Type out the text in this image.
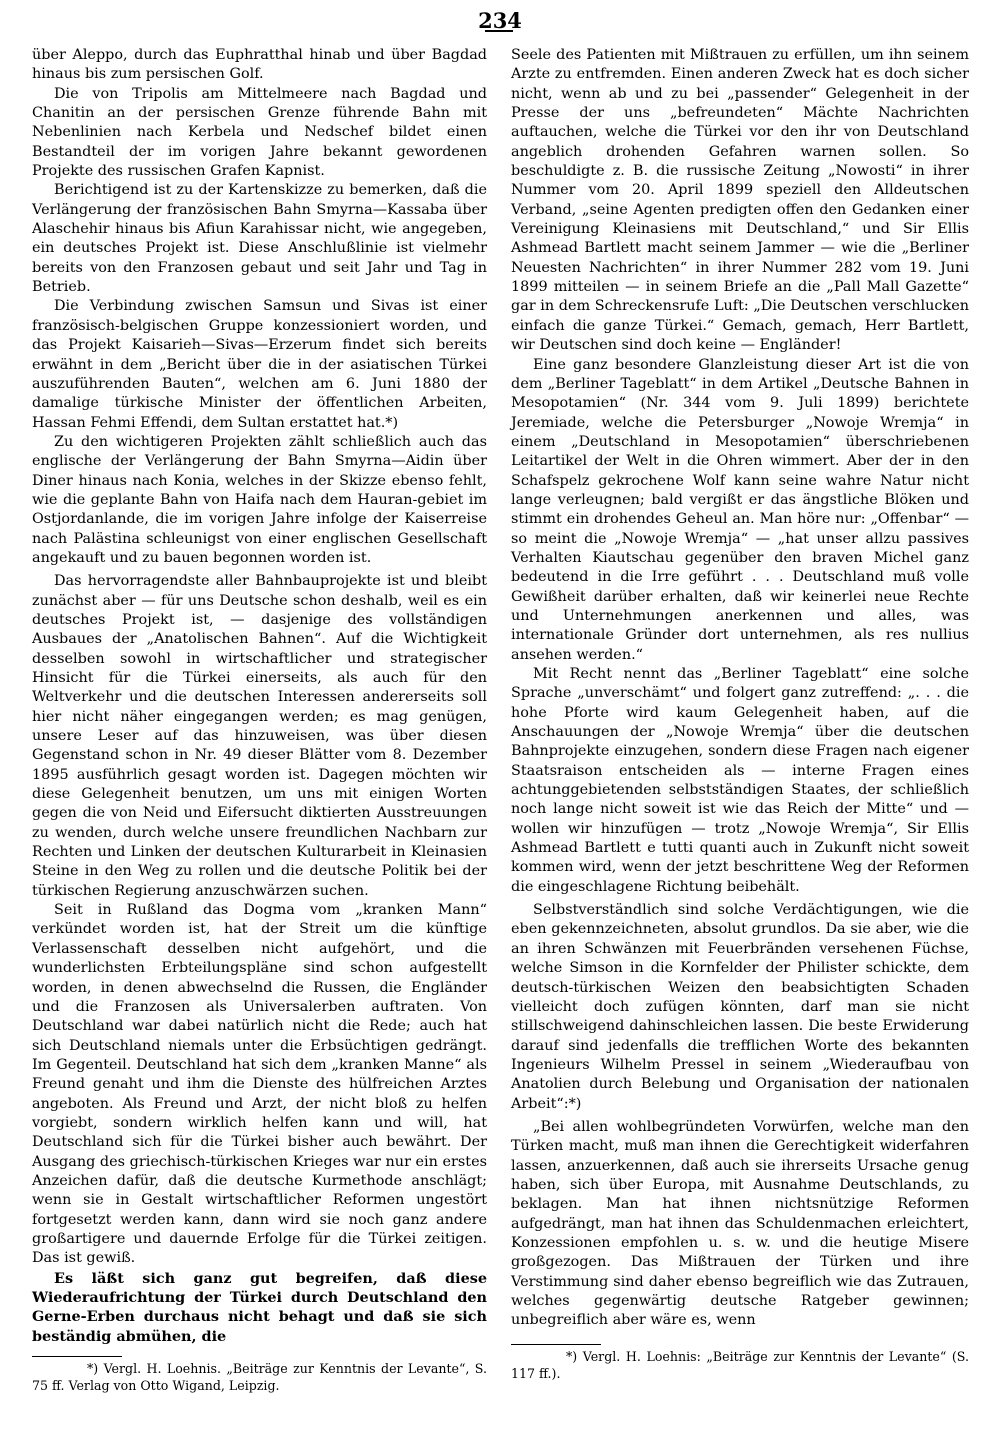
234

über Aleppo, durch das Euphratthal hinab und über Bagdad hinaus bis zum persischen Golf.

Die von Tripolis am Mittelmeere nach Bagdad und Chanitin an der persischen Grenze führende Bahn mit Nebenlinien nach Kerbela und Nedschef bildet einen Bestandteil der im vorigen Jahre bekannt gewordenen Projekte des russischen Grafen Kapnist.

Berichtigend ist zu der Kartenskizze zu bemerken, daß die Verlängerung der französischen Bahn Smyrna—Kassaba über Alaschehir hinaus bis Afiun Karahissar nicht, wie angegeben, ein deutsches Projekt ist. Diese Anschlußlinie ist vielmehr bereits von den Franzosen gebaut und seit Jahr und Tag in Betrieb.

Die Verbindung zwischen Samsun und Sivas ist einer französisch-belgischen Gruppe konzessioniert worden, und das Projekt Kaisarieh—Sivas—Erzerum findet sich bereits erwähnt in dem „Bericht über die in der asiatischen Türkei auszuführenden Bauten“, welchen am 6. Juni 1880 der damalige türkische Minister der öffentlichen Arbeiten, Hassan Fehmi Effendi, dem Sultan erstattet hat.*)

Zu den wichtigeren Projekten zählt schließlich auch das englische der Verlängerung der Bahn Smyrna—Aidin über Diner hinaus nach Konia, welches in der Skizze ebenso fehlt, wie die geplante Bahn von Haifa nach dem Hauran-gebiet im Ostjordanlande, die im vorigen Jahre infolge der Kaiserreise nach Palästina schleunigst von einer englischen Gesellschaft angekauft und zu bauen begonnen worden ist.

Das hervorragendste aller Bahnbauprojekte ist und bleibt zunächst aber — für uns Deutsche schon deshalb, weil es ein deutsches Projekt ist, — dasjenige des vollständigen Ausbaues der „Anatolischen Bahnen“. Auf die Wichtigkeit desselben sowohl in wirtschaftlicher und strategischer Hinsicht für die Türkei einerseits, als auch für den Weltverkehr und die deutschen Interessen andererseits soll hier nicht näher eingegangen werden; es mag genügen, unsere Leser auf das hinzuweisen, was über diesen Gegenstand schon in Nr. 49 dieser Blätter vom 8. Dezember 1895 ausführlich gesagt worden ist. Dagegen möchten wir diese Gelegenheit benutzen, um uns mit einigen Worten gegen die von Neid und Eifersucht diktierten Ausstreuungen zu wenden, durch welche unsere freundlichen Nachbarn zur Rechten und Linken der deutschen Kulturarbeit in Kleinasien Steine in den Weg zu rollen und die deutsche Politik bei der türkischen Regierung anzuschwärzen suchen.

Seit in Rußland das Dogma vom „kranken Mann“ verkündet worden ist, hat der Streit um die künftige Verlassenschaft desselben nicht aufgehört, und die wunderlichsten Erbteilungspläne sind schon aufgestellt worden, in denen abwechselnd die Russen, die Engländer und die Franzosen als Universalerben auftraten. Von Deutschland war dabei natürlich nicht die Rede; auch hat sich Deutschland niemals unter die Erbsüchtigen gedrängt. Im Gegenteil. Deutschland hat sich dem „kranken Manne“ als Freund genaht und ihm die Dienste des hülfreichen Arztes angeboten. Als Freund und Arzt, der nicht bloß zu helfen vorgiebt, sondern wirklich helfen kann und will, hat Deutschland sich für die Türkei bisher auch bewährt. Der Ausgang des griechisch-türkischen Krieges war nur ein erstes Anzeichen dafür, daß die deutsche Kurmethode anschlägt; wenn sie in Gestalt wirtschaftlicher Reformen ungestört fortgesetzt werden kann, dann wird sie noch ganz andere großartigere und dauernde Erfolge für die Türkei zeitigen. Das ist gewiß.

Es läßt sich ganz gut begreifen, daß diese Wiederaufrichtung der Türkei durch Deutschland den Gerne-Erben durchaus nicht behagt und daß sie sich beständig abmühen, die

Seele des Patienten mit Mißtrauen zu erfüllen, um ihn seinem Arzte zu entfremden. Einen anderen Zweck hat es doch sicher nicht, wenn ab und zu bei „passender“ Gelegenheit in der Presse der uns „befreundeten“ Mächte Nachrichten auftauchen, welche die Türkei vor den ihr von Deutschland angeblich drohenden Gefahren warnen sollen. So beschuldigte z. B. die russische Zeitung „Nowosti“ in ihrer Nummer vom 20. April 1899 speziell den Alldeutschen Verband, „seine Agenten predigten offen den Gedanken einer Vereinigung Kleinasiens mit Deutschland,“ und Sir Ellis Ashmead Bartlett macht seinem Jammer — wie die „Berliner Neuesten Nachrichten“ in ihrer Nummer 282 vom 19. Juni 1899 mitteilen — in seinem Briefe an die „Pall Mall Gazette“ gar in dem Schreckensrufe Luft: „Die Deutschen verschlucken einfach die ganze Türkei.“ Gemach, gemach, Herr Bartlett, wir Deutschen sind doch keine — Engländer!

Eine ganz besondere Glanzleistung dieser Art ist die von dem „Berliner Tageblatt“ in dem Artikel „Deutsche Bahnen in Mesopotamien“ (Nr. 344 vom 9. Juli 1899) berichtete Jeremiade, welche die Petersburger „Nowoje Wremja“ in einem „Deutschland in Mesopotamien“ überschriebenen Leitartikel der Welt in die Ohren wimmert. Aber der in den Schafspelz gekrochene Wolf kann seine wahre Natur nicht lange verleugnen; bald vergißt er das ängstliche Blöken und stimmt ein drohendes Geheul an. Man höre nur: „Offenbar“ — so meint die „Nowoje Wremja“ — „hat unser allzu passives Verhalten Kiautschau gegenüber den braven Michel ganz bedeutend in die Irre geführt . . . Deutschland muß volle Gewißheit darüber erhalten, daß wir keinerlei neue Rechte und Unternehmungen anerkennen und alles, was internationale Gründer dort unternehmen, als res nullius ansehen werden.“

Mit Recht nennt das „Berliner Tageblatt“ eine solche Sprache „unverschämt“ und folgert ganz zutreffend: „. . . die hohe Pforte wird kaum Gelegenheit haben, auf die Anschauungen der „Nowoje Wremja“ über die deutschen Bahnprojekte einzugehen, sondern diese Fragen nach eigener Staatsraison entscheiden als — interne Fragen eines achtunggebietenden selbstständigen Staates, der schließlich noch lange nicht soweit ist wie das Reich der Mitte“ und — wollen wir hinzufügen — trotz „Nowoje Wremja“, Sir Ellis Ashmead Bartlett e tutti quanti auch in Zukunft nicht soweit kommen wird, wenn der jetzt beschrittene Weg der Reformen die eingeschlagene Richtung beibehält.

Selbstverständlich sind solche Verdächtigungen, wie die eben gekennzeichneten, absolut grundlos. Da sie aber, wie die an ihren Schwänzen mit Feuerbränden versehenen Füchse, welche Simson in die Kornfelder der Philister schickte, dem deutsch-türkischen Weizen den beabsichtigten Schaden vielleicht doch zufügen könnten, darf man sie nicht stillschweigend dahinschleichen lassen. Die beste Erwiderung darauf sind jedenfalls die trefflichen Worte des bekannten Ingenieurs Wilhelm Pressel in seinem „Wiederaufbau von Anatolien durch Belebung und Organisation der nationalen Arbeit“:*)

„Bei allen wohlbegründeten Vorwürfen, welche man den Türken macht, muß man ihnen die Gerechtigkeit widerfahren lassen, anzuerkennen, daß auch sie ihrerseits Ursache genug haben, sich über Europa, mit Ausnahme Deutschlands, zu beklagen. Man hat ihnen nichtsnützige Reformen aufgedrängt, man hat ihnen das Schuldenmachen erleichtert, Konzessionen empfohlen u. s. w. und die heutige Misere großgezogen. Das Mißtrauen der Türken und ihre Verstimmung sind daher ebenso begreiflich wie das Zutrauen, welches gegenwärtig deutsche Ratgeber gewinnen; unbegreiflich aber wäre es, wenn

*) Vergl. H. Loehnis. „Beiträge zur Kenntnis der Levante“, S. 75 ff. Verlag von Otto Wigand, Leipzig.
*) Vergl. H. Loehnis: „Beiträge zur Kenntnis der Levante“ (S. 117 ff.).
